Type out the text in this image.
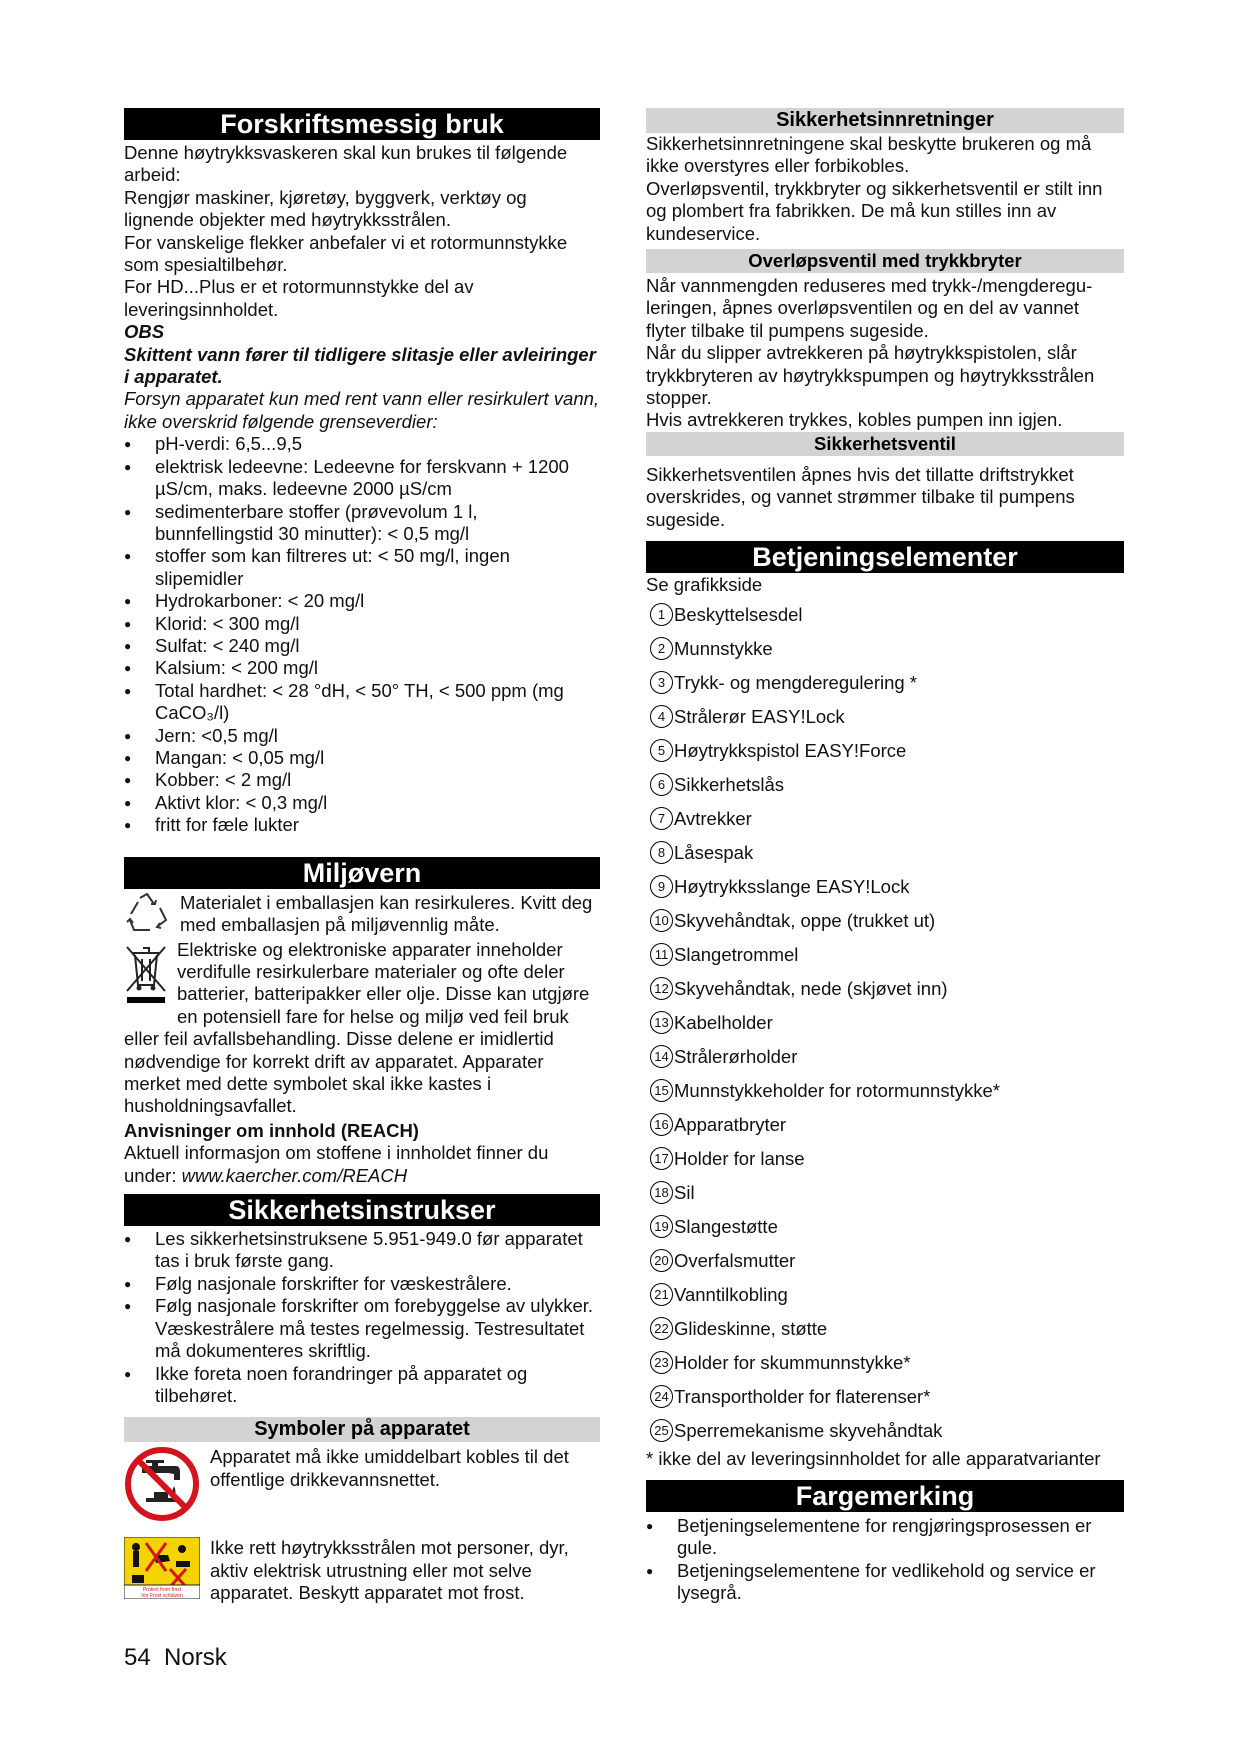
Forskriftsmessig bruk

Denne høytrykksvaskeren skal kun brukes til følgende arbeid:

Rengjør maskiner, kjøretøy, byggverk, verktøy og lignende objekter med høytrykksstrålen.

For vanskelige flekker anbefaler vi et rotormunnstykke som spesialtilbehør.

For HD...Plus er et rotormunnstykke del av leveringsinnholdet.

OBS

Skittent vann fører til tidligere slitasje eller avleiringer i apparatet.

Forsyn apparatet kun med rent vann eller resirkulert vann, ikke overskrid følgende grenseverdier:

● pH-verdi: 6,5...9,5
● elektrisk ledeevne: Ledeevne for ferskvann + 1200 µS/cm, maks. ledeevne 2000 µS/cm
● sedimenterbare stoffer (prøvevolum 1 l, bunnfellingstid 30 minutter): < 0,5 mg/l
● stoffer som kan filtreres ut: < 50 mg/l, ingen slipemidler
● Hydrokarboner: < 20 mg/l
● Klorid: < 300 mg/l
● Sulfat: < 240 mg/l
● Kalsium: < 200 mg/l
● Total hardhet: < 28 °dH, < 50° TH, < 500 ppm (mg CaCO₃/l)
● Jern: <0,5 mg/l
● Mangan: < 0,05 mg/l
● Kobber: < 2 mg/l
● Aktivt klor: < 0,3 mg/l
● fritt for fæle lukter
Miljøvern

Materialet i emballasjen kan resirkuleres. Kvitt deg med emballasjen på miljøvennlig måte.

Elektriske og elektroniske apparater inneholder verdifulle resirkulerbare materialer og ofte deler batterier, batteripakker eller olje. Disse kan utgjøre en potensiell fare for helse og miljø ved feil bruk eller feil avfallsbehandling. Disse delene er imidlertid nødvendige for korrekt drift av apparatet. Apparater merket med dette symbolet skal ikke kastes i husholdningsavfallet.

Anvisninger om innhold (REACH)

Aktuell informasjon om stoffene i innholdet finner du under: www.kaercher.com/REACH

Sikkerhetsinstrukser
● Les sikkerhetsinstruksene 5.951-949.0 før apparatet tas i bruk første gang.
● Følg nasjonale forskrifter for væskestrålere.
● Følg nasjonale forskrifter om forebyggelse av ulykker. Væskestrålere må testes regelmessig. Testresultatet må dokumenteres skriftlig.
● Ikke foreta noen forandringer på apparatet og tilbehøret.
Symboler på apparatet

Apparatet må ikke umiddelbart kobles til det offentlige drikkevannsnettet.

Protect from frost
Vor Frost schützen

Ikke rett høytrykksstrålen mot personer, dyr, aktiv elektrisk utrustning eller mot selve apparatet. Beskytt apparatet mot frost.

Sikkerhetsinnretninger

Sikkerhetsinnretningene skal beskytte brukeren og må ikke overstyres eller forbikobles.

Overløpsventil, trykkbryter og sikkerhetsventil er stilt inn og plombert fra fabrikken. De må kun stilles inn av kundeservice.

Overløpsventil med trykkbryter

Når vannmengden reduseres med trykk-/mengdereguleringen, åpnes overløpsventilen og en del av vannet flyter tilbake til pumpens sugeside.

Når du slipper avtrekkeren på høytrykkspistolen, slår trykkbryteren av høytrykkspumpen og høytrykksstrålen stopper.

Hvis avtrekkeren trykkes, kobles pumpen inn igjen.

Sikkerhetsventil

Sikkerhetsventilen åpnes hvis det tillatte driftstrykket overskrides, og vannet strømmer tilbake til pumpens sugeside.

Betjeningselementer

Se grafikkside

1 Beskyttelsesdel
2 Munnstykke
3 Trykk- og mengderegulering *
4 Strålerør EASY!Lock
5 Høytrykkspistol EASY!Force
6 Sikkerhetslås
7 Avtrekker
8 Låsespak
9 Høytrykksslange EASY!Lock
10 Skyvehåndtak, oppe (trukket ut)
11 Slangetrommel
12 Skyvehåndtak, nede (skjøvet inn)
13 Kabelholder
14 Strålerørholder
15 Munnstykkeholder for rotormunnstykke*
16 Apparatbryter
17 Holder for lanse
18 Sil
19 Slangestøtte
20 Overfalsmutter
21 Vanntilkobling
22 Glideskinne, støtte
23 Holder for skummunnstykke*
24 Transportholder for flaterenser*
25 Sperremekanisme skyvehåndtak

* ikke del av leveringsinnholdet for alle apparatvarianter

Fargemerking
● Betjeningselementene for rengjøringsprosessen er gule.
● Betjeningselementene for vedlikehold og service er lysegrå.
54 Norsk
